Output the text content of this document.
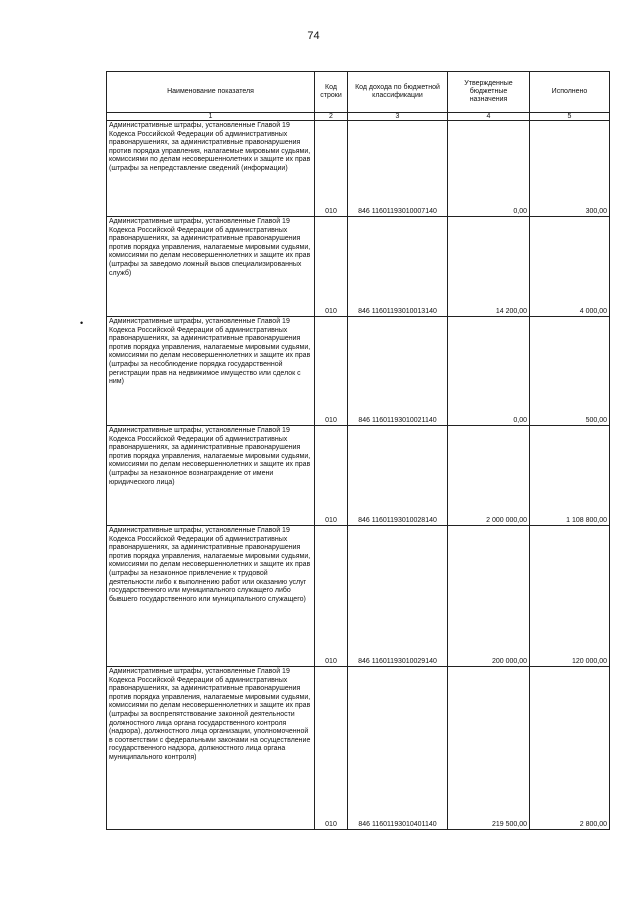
74
•
Наименование показателя	Код строки	Код дохода по бюджетной классификации	Утвержденные бюджетные назначения	Исполнено
1	2	3	4	5
Административные штрафы, установленные Главой 19 Кодекса Российской Федерации об административных правонарушениях, за административные правонарушения против порядка управления, налагаемые мировыми судьями, комиссиями по делам несовершеннолетних и защите их прав (штрафы за непредставление сведений (информации)	010	846 11601193010007140	0,00	300,00
Административные штрафы, установленные Главой 19 Кодекса Российской Федерации об административных правонарушениях, за административные правонарушения против порядка управления, налагаемые мировыми судьями, комиссиями по делам несовершеннолетних и защите их прав (штрафы за заведомо ложный вызов специализированных служб)	010	846 11601193010013140	14 200,00	4 000,00
Административные штрафы, установленные Главой 19 Кодекса Российской Федерации об административных правонарушениях, за административные правонарушения против порядка управления, налагаемые мировыми судьями, комиссиями по делам несовершеннолетних и защите их прав (штрафы за несоблюдение порядка государственной регистрации прав на недвижимое имущество или сделок с ним)	010	846 11601193010021140	0,00	500,00
Административные штрафы, установленные Главой 19 Кодекса Российской Федерации об административных правонарушениях, за административные правонарушения против порядка управления, налагаемые мировыми судьями, комиссиями по делам несовершеннолетних и защите их прав (штрафы за незаконное вознаграждение от имени юридического лица)	010	846 11601193010028140	2 000 000,00	1 108 800,00
Административные штрафы, установленные Главой 19 Кодекса Российской Федерации об административных правонарушениях, за административные правонарушения против порядка управления, налагаемые мировыми судьями, комиссиями по делам несовершеннолетних и защите их прав (штрафы за незаконное привлечение к трудовой деятельности либо к выполнению работ или оказанию услуг государственного или муниципального служащего либо бывшего государственного или муниципального служащего)	010	846 11601193010029140	200 000,00	120 000,00
Административные штрафы, установленные Главой 19 Кодекса Российской Федерации об административных правонарушениях, за административные правонарушения против порядка управления, налагаемые мировыми судьями, комиссиями по делам несовершеннолетних и защите их прав (штрафы за воспрепятствование законной деятельности должностного лица органа государственного контроля (надзора), должностного лица организации, уполномоченной в соответствии с федеральными законами на осуществление государственного надзора, должностного лица органа муниципального контроля)	010	846 11601193010401140	219 500,00	2 800,00
